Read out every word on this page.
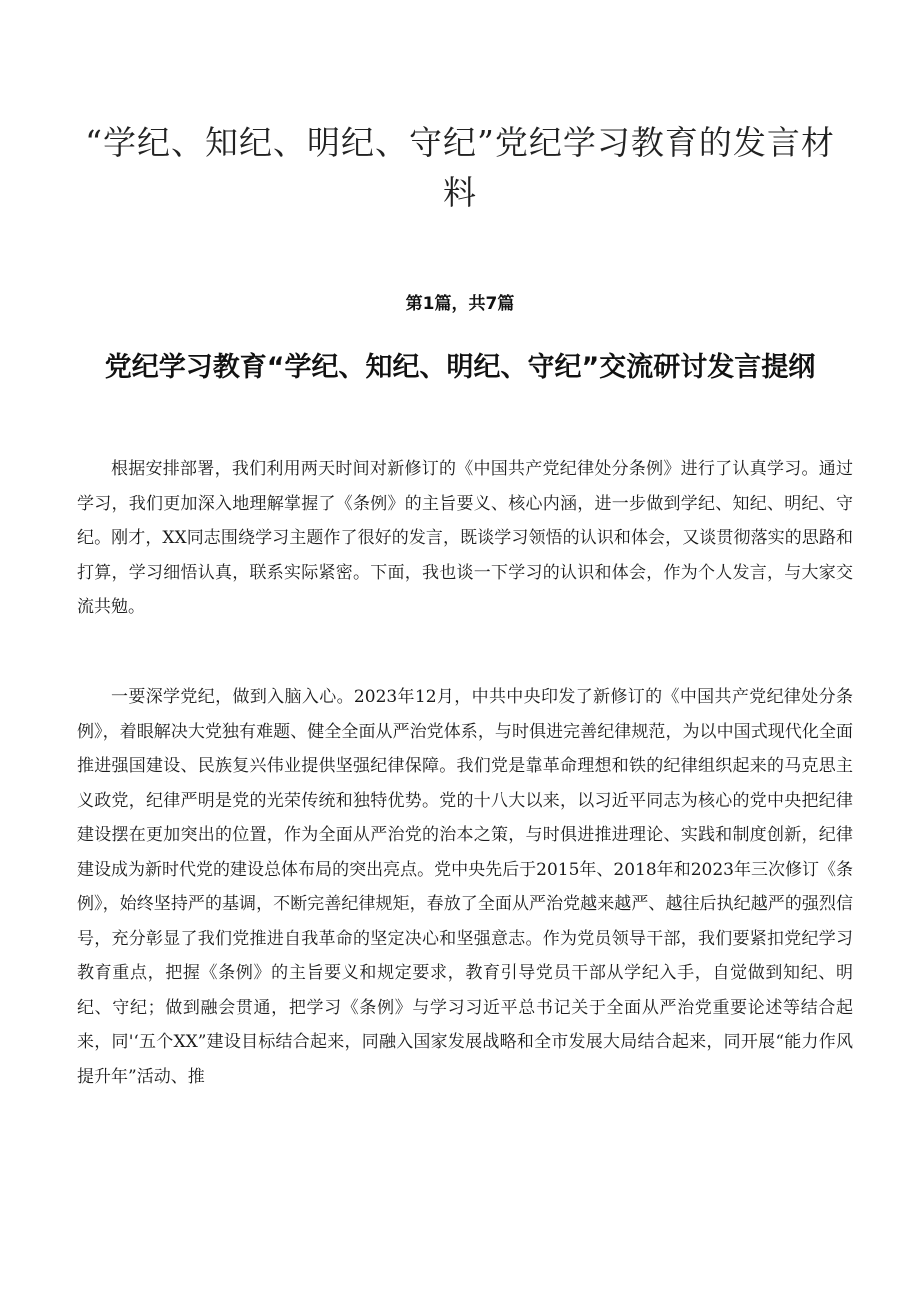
“学纪、知纪、明纪、守纪”党纪学习教育的发言材料
第1篇，共7篇
党纪学习教育“学纪、知纪、明纪、守纪”交流研讨发言提纲

根据安排部署，我们利用两天时间对新修订的《中国共产党纪律处分条例》进行了认真学习。通过学习，我们更加深入地理解掌握了《条例》的主旨要义、核心内涵，进一步做到学纪、知纪、明纪、守纪。刚才，XX同志围绕学习主题作了很好的发言，既谈学习领悟的认识和体会，又谈贯彻落实的思路和打算，学习细悟认真，联系实际紧密。下面，我也谈一下学习的认识和体会，作为个人发言，与大家交流共勉。

一要深学党纪，做到入脑入心。2023年12月，中共中央印发了新修订的《中国共产党纪律处分条例》，着眼解决大党独有难题、健全全面从严治党体系，与时俱进完善纪律规范，为以中国式现代化全面推进强国建设、民族复兴伟业提供坚强纪律保障。我们党是靠革命理想和铁的纪律组织起来的马克思主义政党，纪律严明是党的光荣传统和独特优势。党的十八大以来，以习近平同志为核心的党中央把纪律建设摆在更加突出的位置，作为全面从严治党的治本之策，与时俱进推进理论、实践和制度创新，纪律建设成为新时代党的建设总体布局的突出亮点。党中央先后于2015年、2018年和2023年三次修订《条例》，始终坚持严的基调，不断完善纪律规矩，春放了全面从严治党越来越严、越往后执纪越严的强烈信号，充分彰显了我们党推进自我革命的坚定决心和坚强意志。作为党员领导干部，我们要紧扣党纪学习教育重点，把握《条例》的主旨要义和规定要求，教育引导党员干部从学纪入手，自觉做到知纪、明纪、守纪；做到融会贯通，把学习《条例》与学习习近平总书记关于全面从严治党重要论述等结合起来，同'‘五个XX”建设目标结合起来，同融入国家发展战略和全市发展大局结合起来，同开展“能力作风提升年”活动、推
